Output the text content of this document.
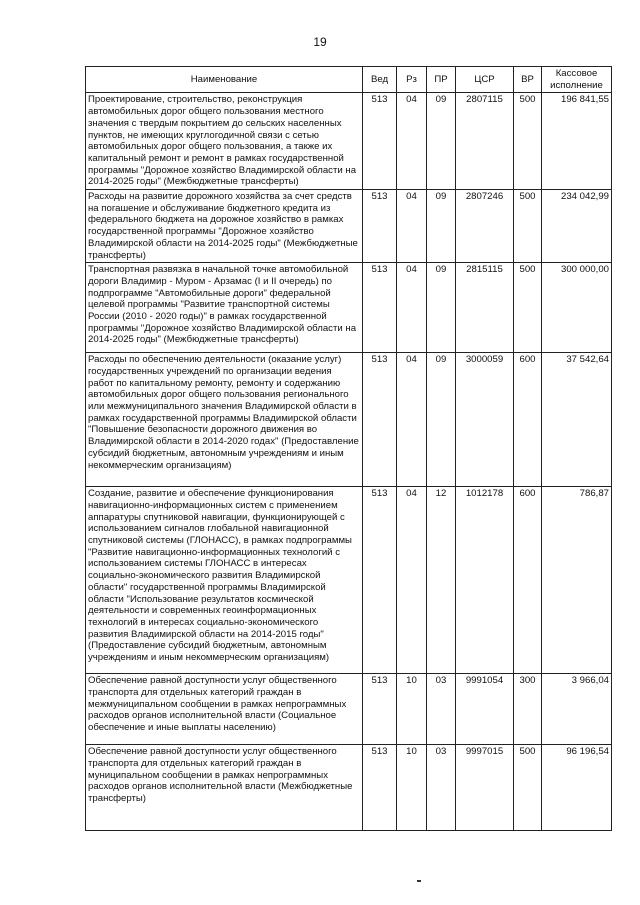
19
Наименование	Вед	Рз	ПР	ЦСР	ВР	Кассовое исполнение
Проектирование, строительство, реконструкция автомобильных дорог общего пользования местного значения с твердым покрытием до сельских населенных пунктов, не имеющих круглогодичной связи с сетью автомобильных дорог общего пользования, а также их капитальный ремонт и ремонт в рамках государственной программы "Дорожное хозяйство Владимирской области на 2014-2025 годы" (Межбюджетные трансферты)	513	04	09	2807115	500	196 841,55
Расходы на развитие дорожного хозяйства за счет средств на погашение и обслуживание бюджетного кредита из федерального бюджета на дорожное хозяйство в рамках государственной программы "Дорожное хозяйство Владимирской области на 2014-2025 годы" (Межбюджетные трансферты)	513	04	09	2807246	500	234 042,99
Транспортная развязка в начальной точке автомобильной дороги Владимир - Муром - Арзамас (I и II очередь) по подпрограмме "Автомобильные дороги" федеральной целевой программы "Развитие транспортной системы России (2010 - 2020 годы)" в рамках государственной программы "Дорожное хозяйство Владимирской области на 2014-2025 годы" (Межбюджетные трансферты)	513	04	09	2815115	500	300 000,00
Расходы по обеспечению деятельности (оказание услуг) государственных учреждений по организации ведения работ по капитальному ремонту, ремонту и содержанию автомобильных дорог общего пользования регионального или межмуниципального значения Владимирской области в рамках государственной программы Владимирской области "Повышение безопасности дорожного движения во Владимирской области в 2014-2020 годах" (Предоставление субсидий бюджетным, автономным учреждениям и иным некоммерческим организациям)	513	04	09	3000059	600	37 542,64
Создание, развитие и обеспечение функционирования навигационно-информационных систем с применением аппаратуры спутниковой навигации, функционирующей с использованием сигналов глобальной навигационной спутниковой системы (ГЛОНАСС), в рамках подпрограммы "Развитие навигационно-информационных технологий с использованием системы ГЛОНАСС в интересах социально-экономического развития Владимирской области" государственной программы Владимирской области "Использование результатов космической деятельности и современных геоинформационных технологий в интересах социально-экономического развития Владимирской области на 2014-2015 годы" (Предоставление субсидий бюджетным, автономным учреждениям и иным некоммерческим организациям)	513	04	12	1012178	600	786,87
Обеспечение равной доступности услуг общественного транспорта для отдельных категорий граждан в межмуниципальном сообщении в рамках непрограммных расходов органов исполнительной власти (Социальное обеспечение и иные выплаты населению)	513	10	03	9991054	300	3 966,04
Обеспечение равной доступности услуг общественного транспорта для отдельных категорий граждан в муниципальном сообщении в рамках непрограммных расходов органов исполнительной власти (Межбюджетные трансферты)	513	10	03	9997015	500	96 196,54
